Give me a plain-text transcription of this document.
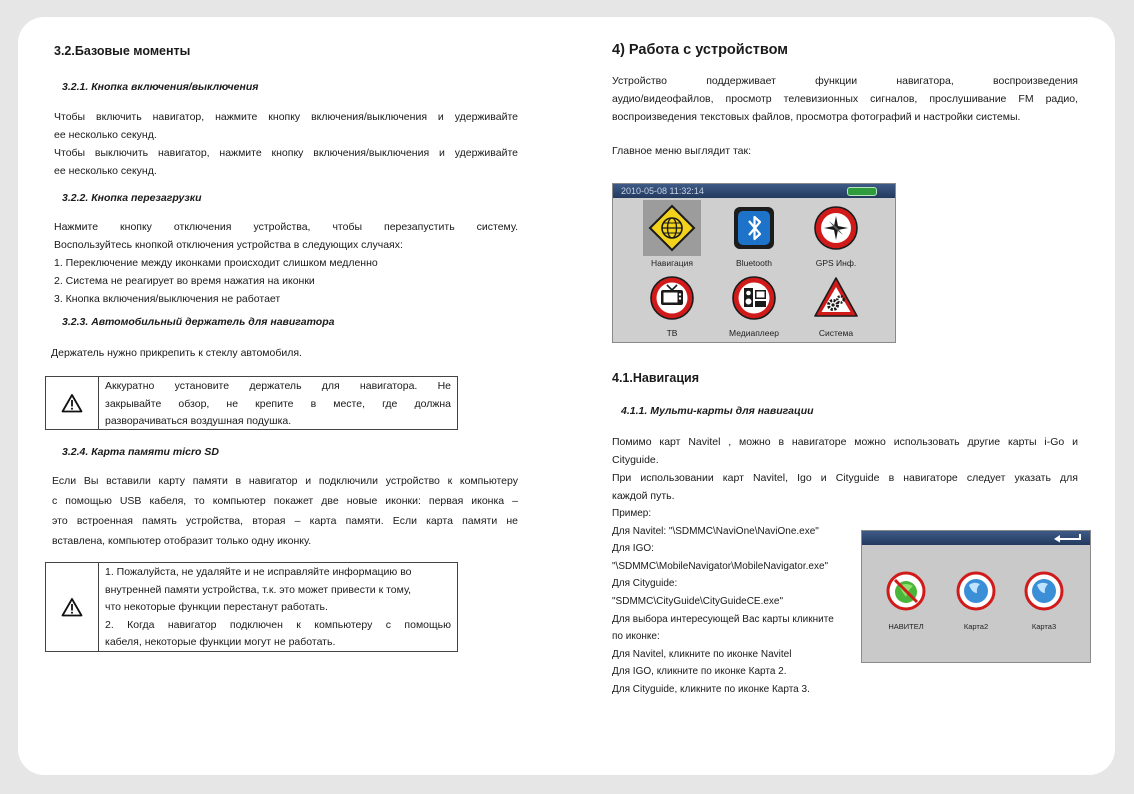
3.2.Базовые моменты
3.2.1. Кнопка включения/выключения
Чтобы включить навигатор, нажмите кнопку включения/выключения и удерживайте
ее несколько секунд.
Чтобы выключить навигатор, нажмите кнопку включения/выключения и удерживайте
ее несколько секунд.
3.2.2. Кнопка перезагрузки
Нажмите кнопку отключения устройства, чтобы перезапустить систему.
Воспользуйтесь кнопкой отключения устройства в следующих случаях:
1. Переключение между иконками происходит слишком медленно
2. Система не реагирует во время нажатия на иконки
3. Кнопка включения/выключения не работает
3.2.3. Автомобильный держатель для навигатора
Держатель нужно прикрепить к стеклу автомобиля.
Аккуратно установите держатель для навигатора. Не
закрывайте обзор, не крепите в месте, где должна
разворачиваться воздушная подушка.
3.2.4. Карта памяти micro SD
Если Вы вставили карту памяти в навигатор и подключили устройство к компьютеру
с помощью USB кабеля, то компьютер покажет две новые иконки: первая иконка –
это встроенная память устройства, вторая – карта памяти. Если карта памяти не
вставлена, компьютер отобразит только одну иконку.
1. Пожалуйста, не удаляйте и не исправляйте информацию во
внутренней памяти устройства, т.к. это может привести к тому,
что некоторые функции перестанут работать.
2. Когда навигатор подключен к компьютеру с помощью
кабеля, некоторые функции могут не работать.
4) Работа с устройством
Устройство поддерживает функции навигатора, воспроизведения
аудио/видеофайлов, просмотр телевизионных сигналов, прослушивание FM радио,
воспроизведения текстовых файлов, просмотра фотографий и настройки системы.
Главное меню выглядит так:
2010-05-08 11:32:14
Навигация	Bluetooth	GPS Инф.
ТВ	Медиаплеер	Система
4.1.Навигация
4.1.1. Мульти-карты для навигации
Помимо карт Navitel , можно в навигаторе можно использовать другие карты i-Go и
Cityguide.
При использовании карт Navitel, Igo и Cityguide в навигаторе следует указать для
каждой путь.
Пример:
Для Navitel: "\SDMMC\NaviOne\NaviOne.exe"
Для IGO:
"\SDMMC\MobileNavigator\MobileNavigator.exe"
Для Cityguide:
"SDMMC\CityGuide\CityGuideCE.exe"
Для выбора интересующей Вас карты кликните
по иконке:
Для Navitel, кликните по иконке Navitel
Для IGO, кликните по иконке Карта 2.
Для Cityguide, кликните по иконке Карта 3.
НАВИТЕЛ	Карта2	Карта3
